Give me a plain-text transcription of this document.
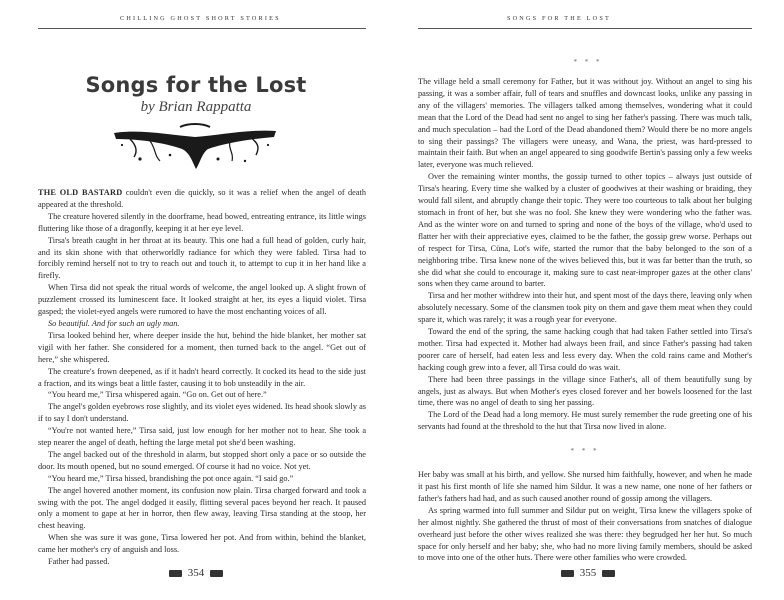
CHILLING GHOST SHORT STORIES
Songs for the Lost
by Brian Rappatta

THE OLD BASTARD couldn't even die quickly, so it was a relief when the angel of death appeared at the threshold.

The creature hovered silently in the doorframe, head bowed, entreating entrance, its little wings fluttering like those of a dragonfly, keeping it at her eye level.

Tirsa's breath caught in her throat at its beauty. This one had a full head of golden, curly hair, and its skin shone with that otherworldly radiance for which they were fabled. Tirsa had to forcibly remind herself not to try to reach out and touch it, to attempt to cup it in her hand like a firefly.

When Tirsa did not speak the ritual words of welcome, the angel looked up. A slight frown of puzzlement crossed its luminescent face. It looked straight at her, its eyes a liquid violet. Tirsa gasped; the violet-eyed angels were rumored to have the most enchanting voices of all.

So beautiful. And for such an ugly man.

Tirsa looked behind her, where deeper inside the hut, behind the hide blanket, her mother sat vigil with her father. She considered for a moment, then turned back to the angel. “Get out of here,” she whispered.

The creature's frown deepened, as if it hadn't heard correctly. It cocked its head to the side just a fraction, and its wings beat a little faster, causing it to bob unsteadily in the air.

“You heard me,” Tirsa whispered again. “Go on. Get out of here.”

The angel's golden eyebrows rose slightly, and its violet eyes widened. Its head shook slowly as if to say I don't understand.

“You're not wanted here,” Tirsa said, just low enough for her mother not to hear. She took a step nearer the angel of death, hefting the large metal pot she'd been washing.

The angel backed out of the threshold in alarm, but stopped short only a pace or so outside the door. Its mouth opened, but no sound emerged. Of course it had no voice. Not yet.

“You heard me,” Tirsa hissed, brandishing the pot once again. “I said go.”

The angel hovered another moment, its confusion now plain. Tirsa charged forward and took a swing with the pot. The angel dodged it easily, flitting several paces beyond her reach. It paused only a moment to gape at her in horror, then flew away, leaving Tirsa standing at the stoop, her chest heaving.

When she was sure it was gone, Tirsa lowered her pot. And from within, behind the blanket, came her mother's cry of anguish and loss.

Father had passed.

354
SONGS FOR THE LOST
* * *

The village held a small ceremony for Father, but it was without joy. Without an angel to sing his passing, it was a somber affair, full of tears and snuffles and downcast looks, unlike any passing in any of the villagers' memories. The villagers talked among themselves, wondering what it could mean that the Lord of the Dead had sent no angel to sing her father's passing. There was much talk, and much speculation – had the Lord of the Dead abandoned them? Would there be no more angels to sing their passings? The villagers were uneasy, and Wana, the priest, was hard-pressed to maintain their faith. But when an angel appeared to sing goodwife Bertin's passing only a few weeks later, everyone was much relieved.

Over the remaining winter months, the gossip turned to other topics – always just outside of Tirsa's hearing. Every time she walked by a cluster of goodwives at their washing or braiding, they would fall silent, and abruptly change their topic. They were too courteous to talk about her bulging stomach in front of her, but she was no fool. She knew they were wondering who the father was. And as the winter wore on and turned to spring and none of the boys of the village, who'd used to flatter her with their appreciative eyes, claimed to be the father, the gossip grew worse. Perhaps out of respect for Tirsa, Cüna, Lot's wife, started the rumor that the baby belonged to the son of a neighboring tribe. Tirsa knew none of the wives believed this, but it was far better than the truth, so she did what she could to encourage it, making sure to cast near-improper gazes at the other clans' sons when they came around to barter.

Tirsa and her mother withdrew into their hut, and spent most of the days there, leaving only when absolutely necessary. Some of the clansmen took pity on them and gave them meat when they could spare it, which was rarely; it was a rough year for everyone.

Toward the end of the spring, the same hacking cough that had taken Father settled into Tirsa's mother. Tirsa had expected it. Mother had always been frail, and since Father's passing had taken poorer care of herself, had eaten less and less every day. When the cold rains came and Mother's hacking cough grew into a fever, all Tirsa could do was wait.

There had been three passings in the village since Father's, all of them beautifully sung by angels, just as always. But when Mother's eyes closed forever and her bowels loosened for the last time, there was no angel of death to sing her passing.

The Lord of the Dead had a long memory. He must surely remember the rude greeting one of his servants had found at the threshold to the hut that Tirsa now lived in alone.

* * *

Her baby was small at his birth, and yellow. She nursed him faithfully, however, and when he made it past his first month of life she named him Sildur. It was a new name, one none of her fathers or father's fathers had had, and as such caused another round of gossip among the villagers.

As spring warmed into full summer and Sildur put on weight, Tirsa knew the villagers spoke of her almost nightly. She gathered the thrust of most of their conversations from snatches of dialogue overheard just before the other wives realized she was there: they begrudged her her hut. So much space for only herself and her baby; she, who had no more living family members, should be asked to move into one of the other huts. There were other families who were crowded.

355
